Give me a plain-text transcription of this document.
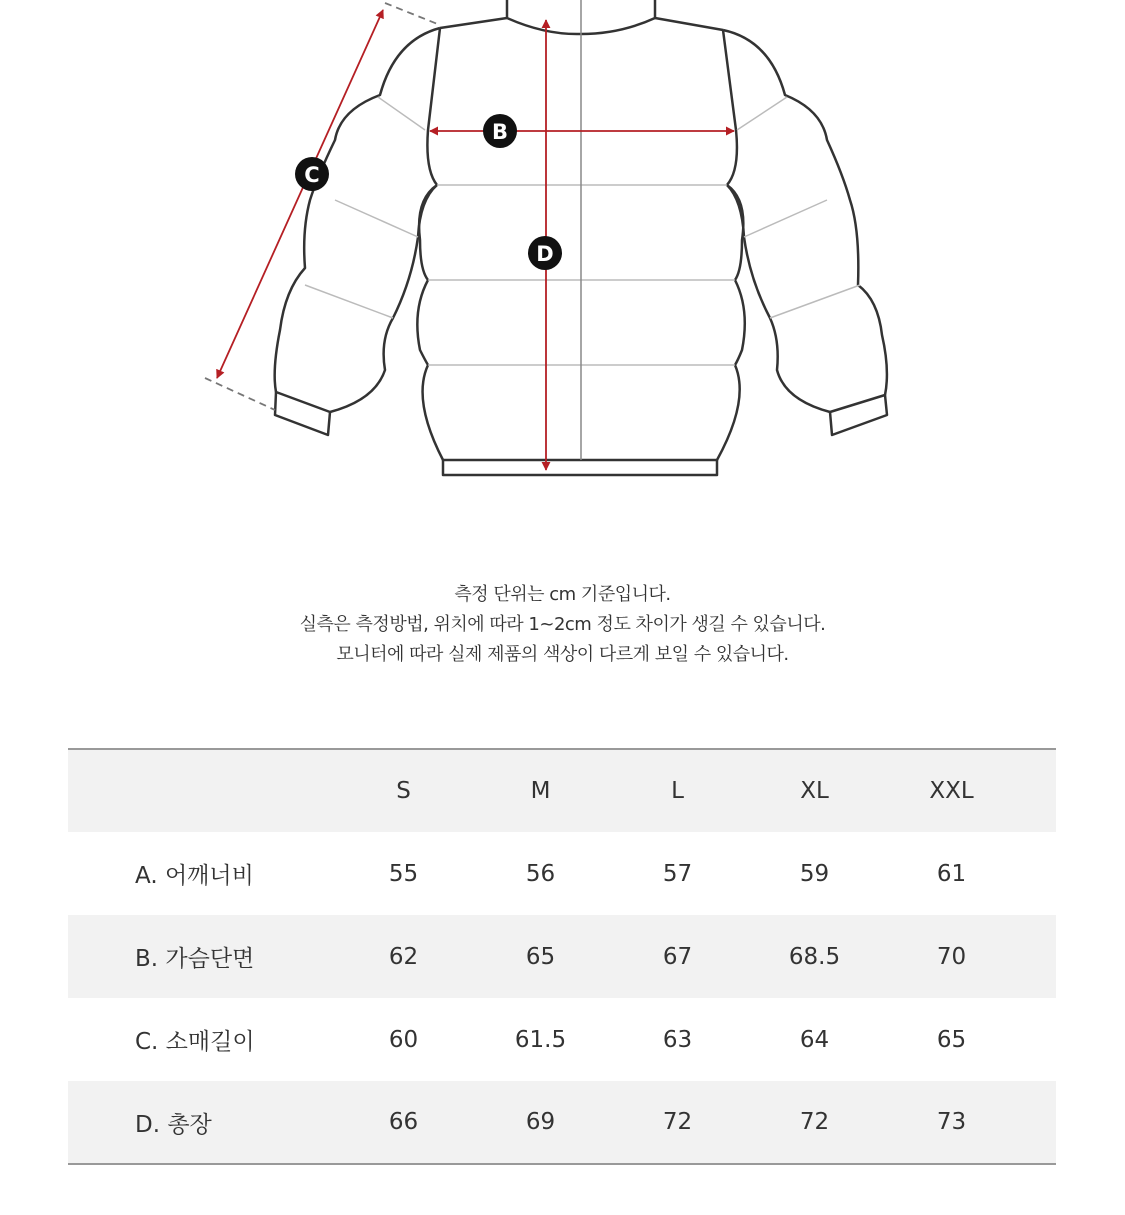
B
C
D
측정 단위는 cm 기준입니다.
실측은 측정방법, 위치에 따라 1~2cm 정도 차이가 생길 수 있습니다.
모니터에 따라 실제 제품의 색상이 다르게 보일 수 있습니다.
	S	M	L	XL	XXL	
A. 어깨너비	55	56	57	59	61	
B. 가슴단면	62	65	67	68.5	70	
C. 소매길이	60	61.5	63	64	65	
D. 총장	66	69	72	72	73	
